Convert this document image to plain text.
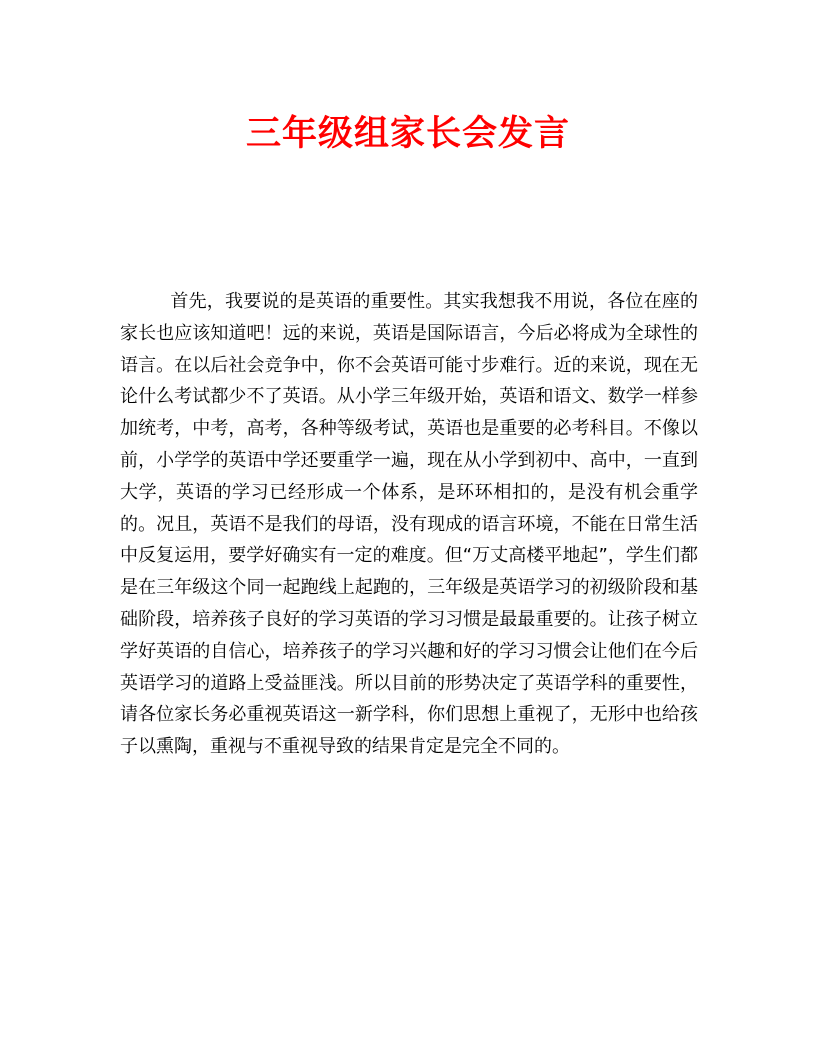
三年级组家长会发言

首先，我要说的是英语的重要性。其实我想我不用说，各位在座的家长也应该知道吧！远的来说，英语是国际语言，今后必将成为全球性的语言。在以后社会竞争中，你不会英语可能寸步难行。近的来说，现在无论什么考试都少不了英语。从小学三年级开始，英语和语文、数学一样参加统考，中考，高考，各种等级考试，英语也是重要的必考科目。不像以前，小学学的英语中学还要重学一遍，现在从小学到初中、高中，一直到大学，英语的学习已经形成一个体系，是环环相扣的，是没有机会重学的。况且，英语不是我们的母语，没有现成的语言环境，不能在日常生活中反复运用，要学好确实有一定的难度。但“万丈高楼平地起”，学生们都是在三年级这个同一起跑线上起跑的，三年级是英语学习的初级阶段和基础阶段，培养孩子良好的学习英语的学习习惯是最最重要的。让孩子树立学好英语的自信心，培养孩子的学习兴趣和好的学习习惯会让他们在今后英语学习的道路上受益匪浅。所以目前的形势决定了英语学科的重要性，请各位家长务必重视英语这一新学科，你们思想上重视了，无形中也给孩子以熏陶，重视与不重视导致的结果肯定是完全不同的。
